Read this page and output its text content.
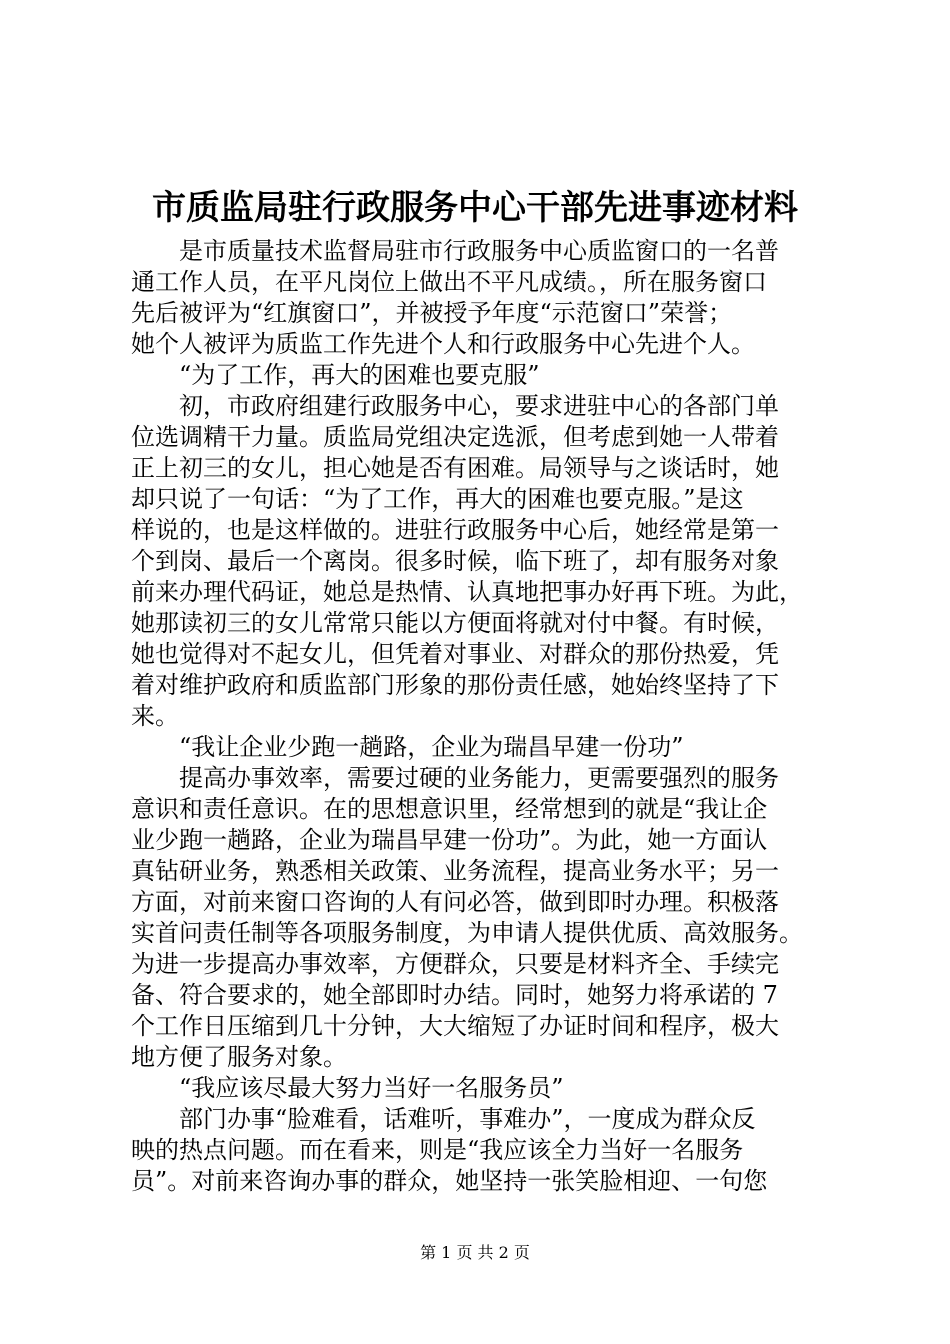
市质监局驻行政服务中心干部先进事迹材料
　　是市质量技术监督局驻市行政服务中心质监窗口的一名普
通工作人员，在平凡岗位上做出不平凡成绩。，所在服务窗口
先后被评为“红旗窗口”，并被授予年度“示范窗口”荣誉；
她个人被评为质监工作先进个人和行政服务中心先进个人。
　　“为了工作，再大的困难也要克服”
　　初，市政府组建行政服务中心，要求进驻中心的各部门单
位选调精干力量。质监局党组决定选派，但考虑到她一人带着
正上初三的女儿，担心她是否有困难。局领导与之谈话时，她
却只说了一句话：“为了工作，再大的困难也要克服。”是这
样说的，也是这样做的。进驻行政服务中心后，她经常是第一
个到岗、最后一个离岗。很多时候，临下班了，却有服务对象
前来办理代码证，她总是热情、认真地把事办好再下班。为此，
她那读初三的女儿常常只能以方便面将就对付中餐。有时候，
她也觉得对不起女儿，但凭着对事业、对群众的那份热爱，凭
着对维护政府和质监部门形象的那份责任感，她始终坚持了下
来。
　　“我让企业少跑一趟路，企业为瑞昌早建一份功”
　　提高办事效率，需要过硬的业务能力，更需要强烈的服务
意识和责任意识。在的思想意识里，经常想到的就是“我让企
业少跑一趟路，企业为瑞昌早建一份功”。为此，她一方面认
真钻研业务，熟悉相关政策、业务流程，提高业务水平；另一
方面，对前来窗口咨询的人有问必答，做到即时办理。积极落
实首问责任制等各项服务制度，为申请人提供优质、高效服务。
为进一步提高办事效率，方便群众，只要是材料齐全、手续完
备、符合要求的，她全部即时办结。同时，她努力将承诺的 7
个工作日压缩到几十分钟，大大缩短了办证时间和程序，极大
地方便了服务对象。
　　“我应该尽最大努力当好一名服务员”
　　部门办事“脸难看，话难听，事难办”，一度成为群众反
映的热点问题。而在看来，则是“我应该全力当好一名服务
员”。对前来咨询办事的群众，她坚持一张笑脸相迎、一句您
第 1 页 共 2 页
